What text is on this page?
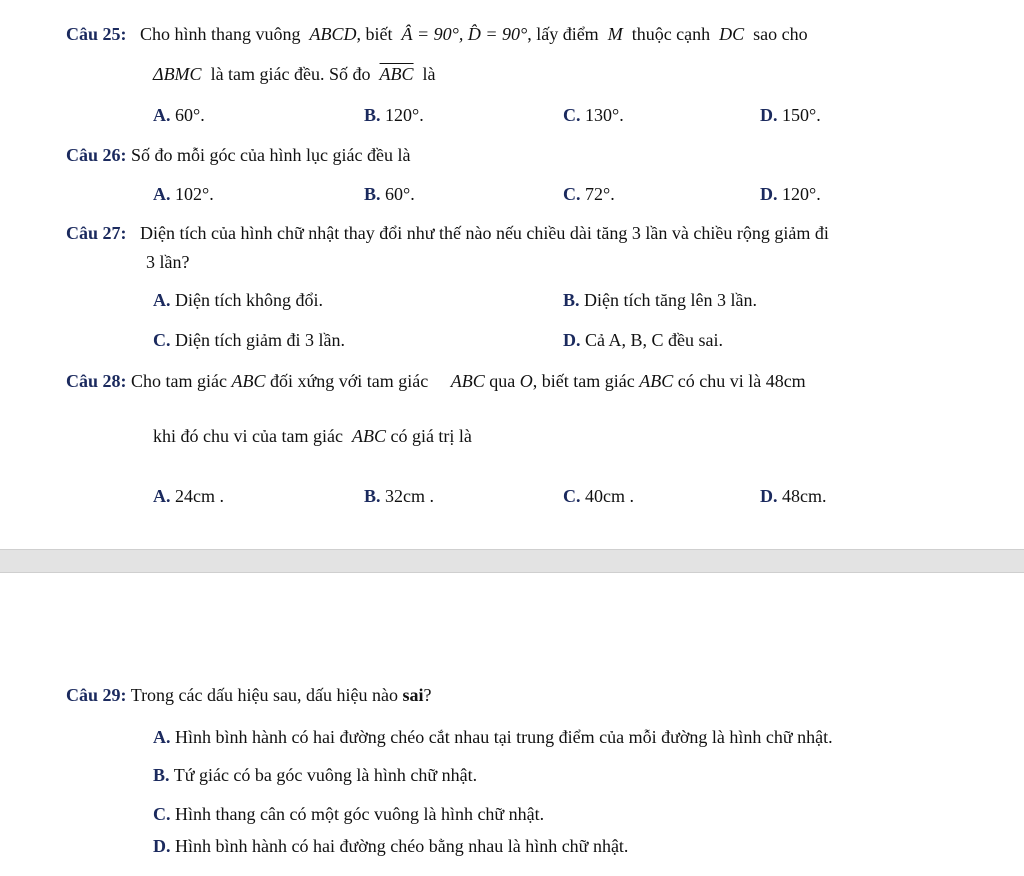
Câu 25: Cho hình thang vuông ABCD, biết Â = 90°, D̂ = 90°, lấy điểm M thuộc cạnh DC sao cho
ΔBMC là tam giác đều. Số đo $\overline{ABC}$ là
A. 60°.	B. 120°.	C. 130°.	D. 150°.
Câu 26: Số đo mỗi góc của hình lục giác đều là
A. 102°.	B. 60°.	C. 72°.	D. 120°.
Câu 27: Diện tích của hình chữ nhật thay đổi như thế nào nếu chiều dài tăng 3 lần và chiều rộng giảm đi
3 lần?
A. Diện tích không đổi.	B. Diện tích tăng lên 3 lần.
C. Diện tích giảm đi 3 lần.	D. Cả A, B, C đều sai.
Câu 28: Cho tam giác ABC đối xứng với tam giác ABC qua O, biết tam giác ABC có chu vi là 48cm
khi đó chu vi của tam giác ABC có giá trị là
A. 24cm .	B. 32cm .	C. 40cm .	D. 48cm.
Câu 29: Trong các dấu hiệu sau, dấu hiệu nào sai?
A. Hình bình hành có hai đường chéo cắt nhau tại trung điểm của mỗi đường là hình chữ nhật.
B. Tứ giác có ba góc vuông là hình chữ nhật.
C. Hình thang cân có một góc vuông là hình chữ nhật.
D. Hình bình hành có hai đường chéo bằng nhau là hình chữ nhật.
